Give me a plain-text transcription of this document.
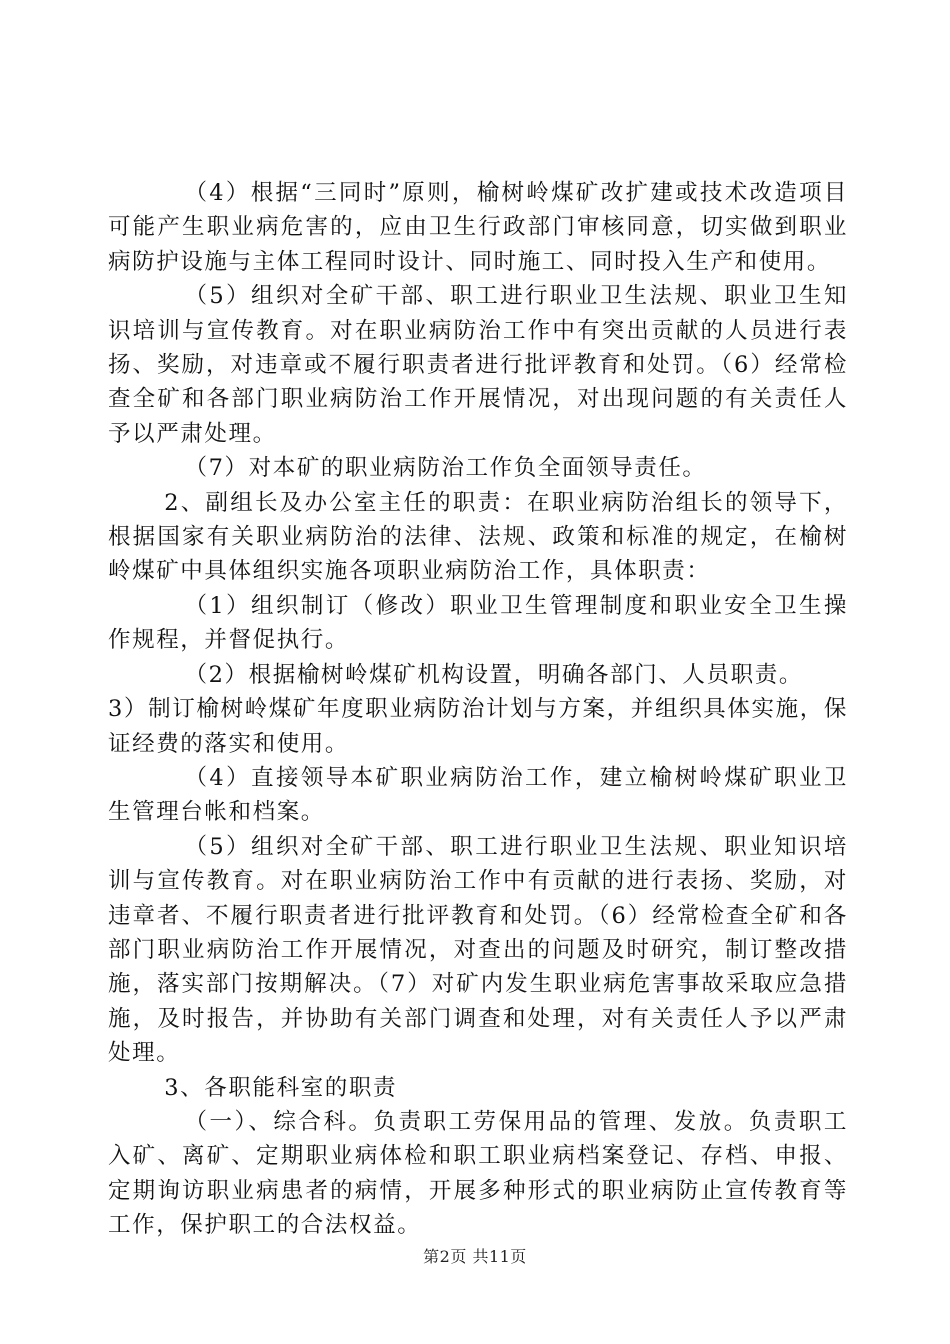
（4）根据“三同时”原则，榆树岭煤矿改扩建或技术改造项目可能产生职业病危害的，应由卫生行政部门审核同意，切实做到职业病防护设施与主体工程同时设计、同时施工、同时投入生产和使用。

（5）组织对全矿干部、职工进行职业卫生法规、职业卫生知识培训与宣传教育。对在职业病防治工作中有突出贡献的人员进行表扬、奖励，对违章或不履行职责者进行批评教育和处罚。（6）经常检查全矿和各部门职业病防治工作开展情况，对出现问题的有关责任人予以严肃处理。

（7）对本矿的职业病防治工作负全面领导责任。

2、副组长及办公室主任的职责：在职业病防治组长的领导下，根据国家有关职业病防治的法律、法规、政策和标准的规定，在榆树岭煤矿中具体组织实施各项职业病防治工作，具体职责：

（1）组织制订（修改）职业卫生管理制度和职业安全卫生操作规程，并督促执行。

（2）根据榆树岭煤矿机构设置，明确各部门、人员职责。

3）制订榆树岭煤矿年度职业病防治计划与方案，并组织具体实施，保证经费的落实和使用。

（4）直接领导本矿职业病防治工作，建立榆树岭煤矿职业卫生管理台帐和档案。

（5）组织对全矿干部、职工进行职业卫生法规、职业知识培训与宣传教育。对在职业病防治工作中有贡献的进行表扬、奖励，对违章者、不履行职责者进行批评教育和处罚。（6）经常检查全矿和各部门职业病防治工作开展情况，对查出的问题及时研究，制订整改措施，落实部门按期解决。（7）对矿内发生职业病危害事故采取应急措施，及时报告，并协助有关部门调查和处理，对有关责任人予以严肃处理。

3、各职能科室的职责

（一）、综合科。负责职工劳保用品的管理、发放。负责职工入矿、离矿、定期职业病体检和职工职业病档案登记、存档、申报、定期询访职业病患者的病情，开展多种形式的职业病防止宣传教育等工作，保护职工的合法权益。

第2页 共11页
